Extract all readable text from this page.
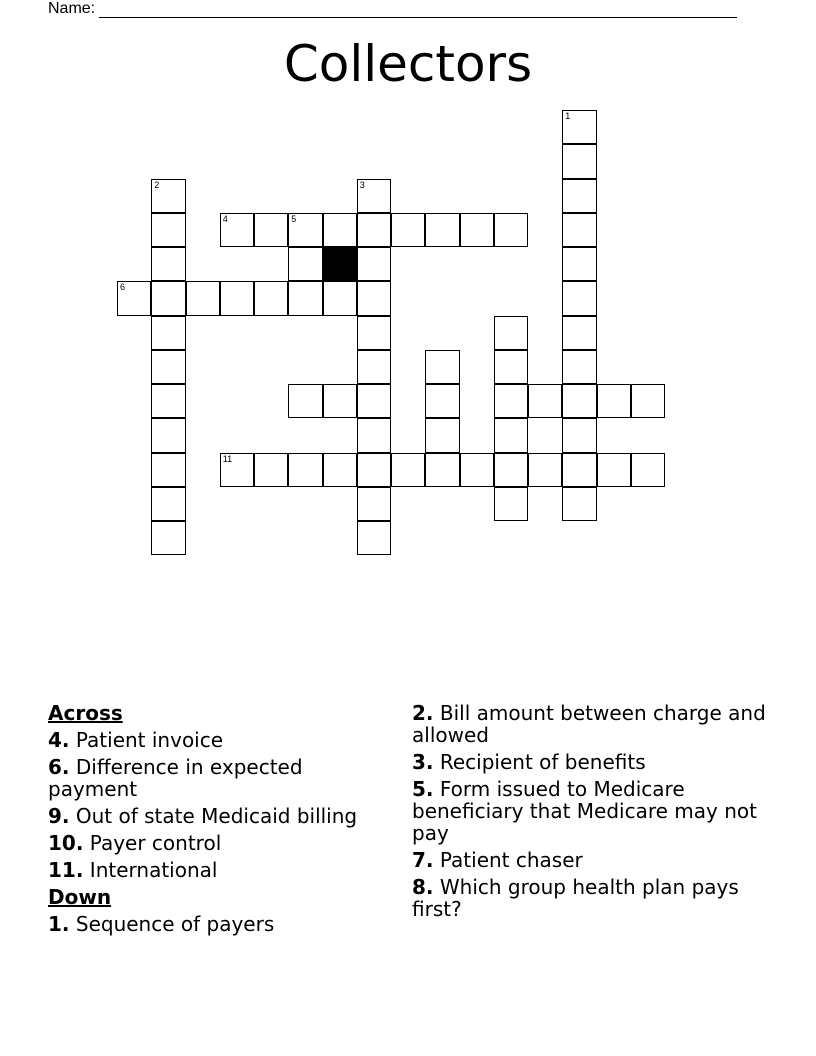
Name:
Collectors
1
2	3
4	5
6
11
Across
4. Patient invoice
6. Difference in expected payment
9. Out of state Medicaid billing
10. Payer control
11. International
Down
1. Sequence of payers
2. Bill amount between charge and allowed
3. Recipient of benefits
5. Form issued to Medicare beneficiary that Medicare may not pay
7. Patient chaser
8. Which group health plan pays first?
